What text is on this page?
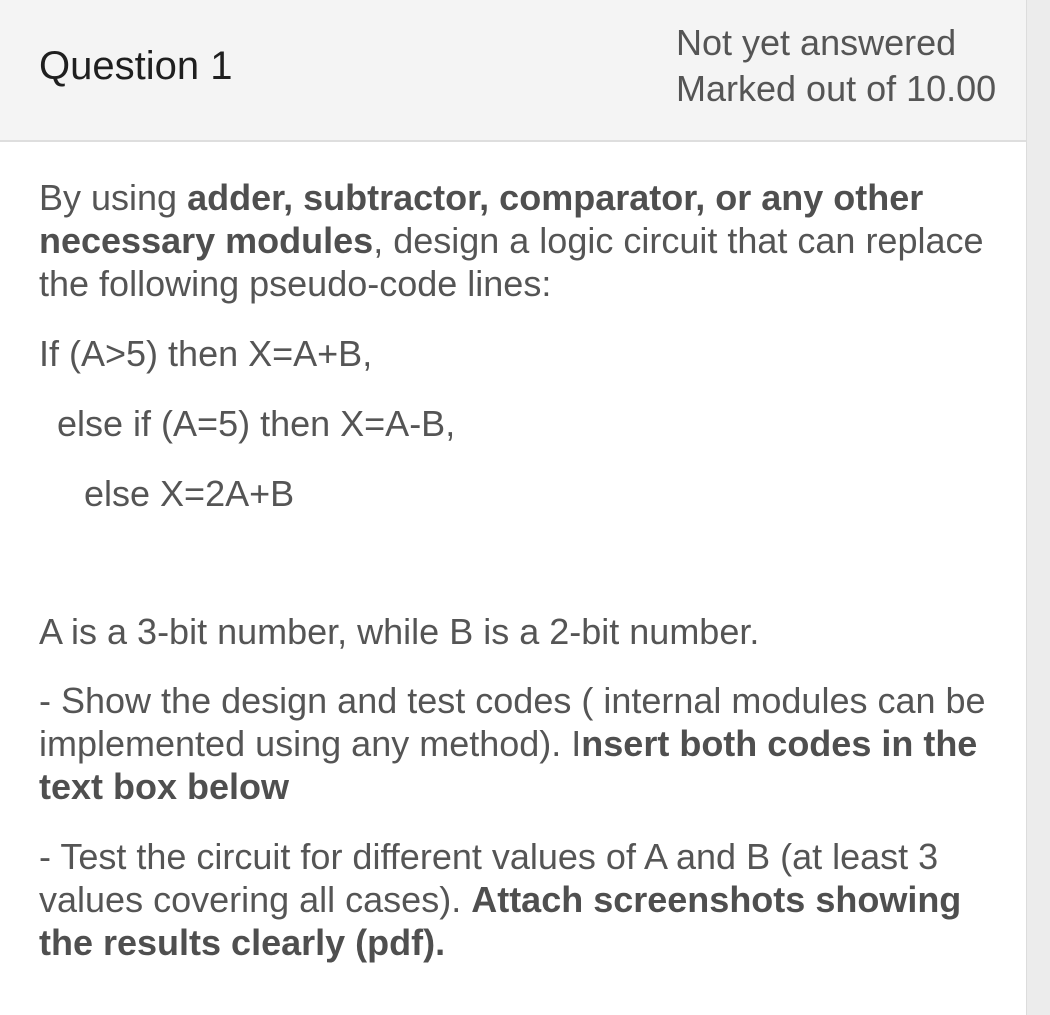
Question 1
Not yet answered
Marked out of 10.00

By using adder, subtractor, comparator, or any other necessary modules, design a logic circuit that can replace the following pseudo-code lines:

If (A>5) then X=A+B,
else if (A=5) then X=A-B,
else X=2A+B
A is a 3-bit number, while B is a 2-bit number.

- Show the design and test codes ( internal modules can be implemented using any method). Insert both codes in the text box below

- Test the circuit for different values of A and B (at least 3 values covering all cases). Attach screenshots showing the results clearly (pdf).
